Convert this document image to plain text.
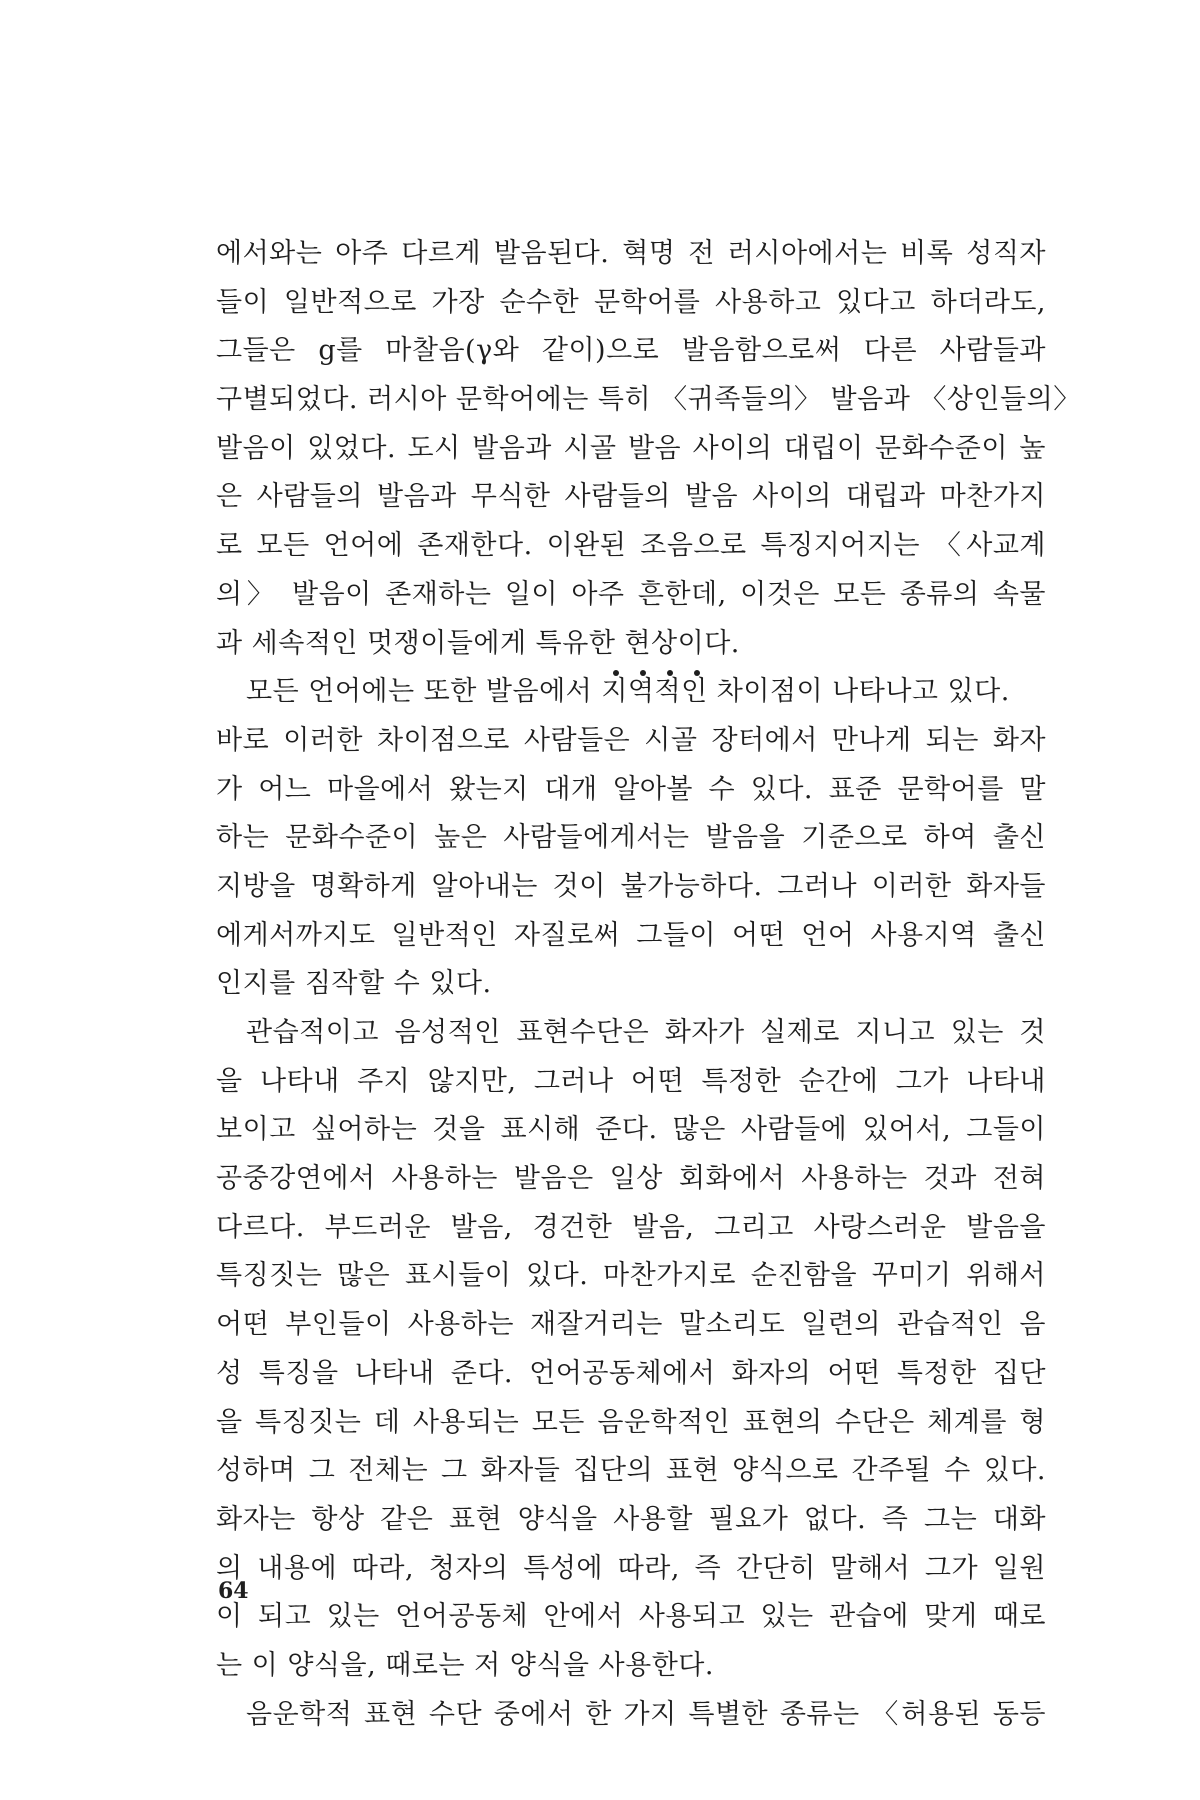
에서와는 아주 다르게 발음된다. 혁명 전 러시아에서는 비록 성직자
들이 일반적으로 가장 순수한 문학어를 사용하고 있다고 하더라도,
그들은 g를 마찰음(γ와 같이)으로 발음함으로써 다른 사람들과
구별되었다. 러시아 문학어에는 특히 〈귀족들의〉 발음과 〈상인들의〉
발음이 있었다. 도시 발음과 시골 발음 사이의 대립이 문화수준이 높
은 사람들의 발음과 무식한 사람들의 발음 사이의 대립과 마찬가지
로 모든 언어에 존재한다. 이완된 조음으로 특징지어지는 〈사교계
의〉 발음이 존재하는 일이 아주 흔한데, 이것은 모든 종류의 속물
과 세속적인 멋쟁이들에게 특유한 현상이다.
모든 언어에는 또한 발음에서 지역적인
차이점이 나타나고 있다.
바로 이러한 차이점으로 사람들은 시골 장터에서 만나게 되는 화자
가 어느 마을에서 왔는지 대개 알아볼 수 있다. 표준 문학어를 말
하는 문화수준이 높은 사람들에게서는 발음을 기준으로 하여 출신
지방을 명확하게 알아내는 것이 불가능하다. 그러나 이러한 화자들
에게서까지도 일반적인 자질로써 그들이 어떤 언어 사용지역 출신
인지를 짐작할 수 있다.
관습적이고 음성적인 표현수단은 화자가 실제로 지니고 있는 것
을 나타내 주지 않지만, 그러나 어떤 특정한 순간에 그가 나타내
보이고 싶어하는 것을 표시해 준다. 많은 사람들에 있어서, 그들이
공중강연에서 사용하는 발음은 일상 회화에서 사용하는 것과 전혀
다르다. 부드러운 발음, 경건한 발음, 그리고 사랑스러운 발음을
특징짓는 많은 표시들이 있다. 마찬가지로 순진함을 꾸미기 위해서
어떤 부인들이 사용하는 재잘거리는 말소리도 일련의 관습적인 음
성 특징을 나타내 준다. 언어공동체에서 화자의 어떤 특정한 집단
을 특징짓는 데 사용되는 모든 음운학적인 표현의 수단은 체계를 형
성하며 그 전체는 그 화자들 집단의 표현 양식으로 간주될 수 있다.
화자는 항상 같은 표현 양식을 사용할 필요가 없다. 즉 그는 대화
의 내용에 따라, 청자의 특성에 따라, 즉 간단히 말해서 그가 일원
이 되고 있는 언어공동체 안에서 사용되고 있는 관습에 맞게 때로
는 이 양식을, 때로는 저 양식을 사용한다.
음운학적 표현 수단 중에서 한 가지 특별한 종류는 〈허용된 동등
64
